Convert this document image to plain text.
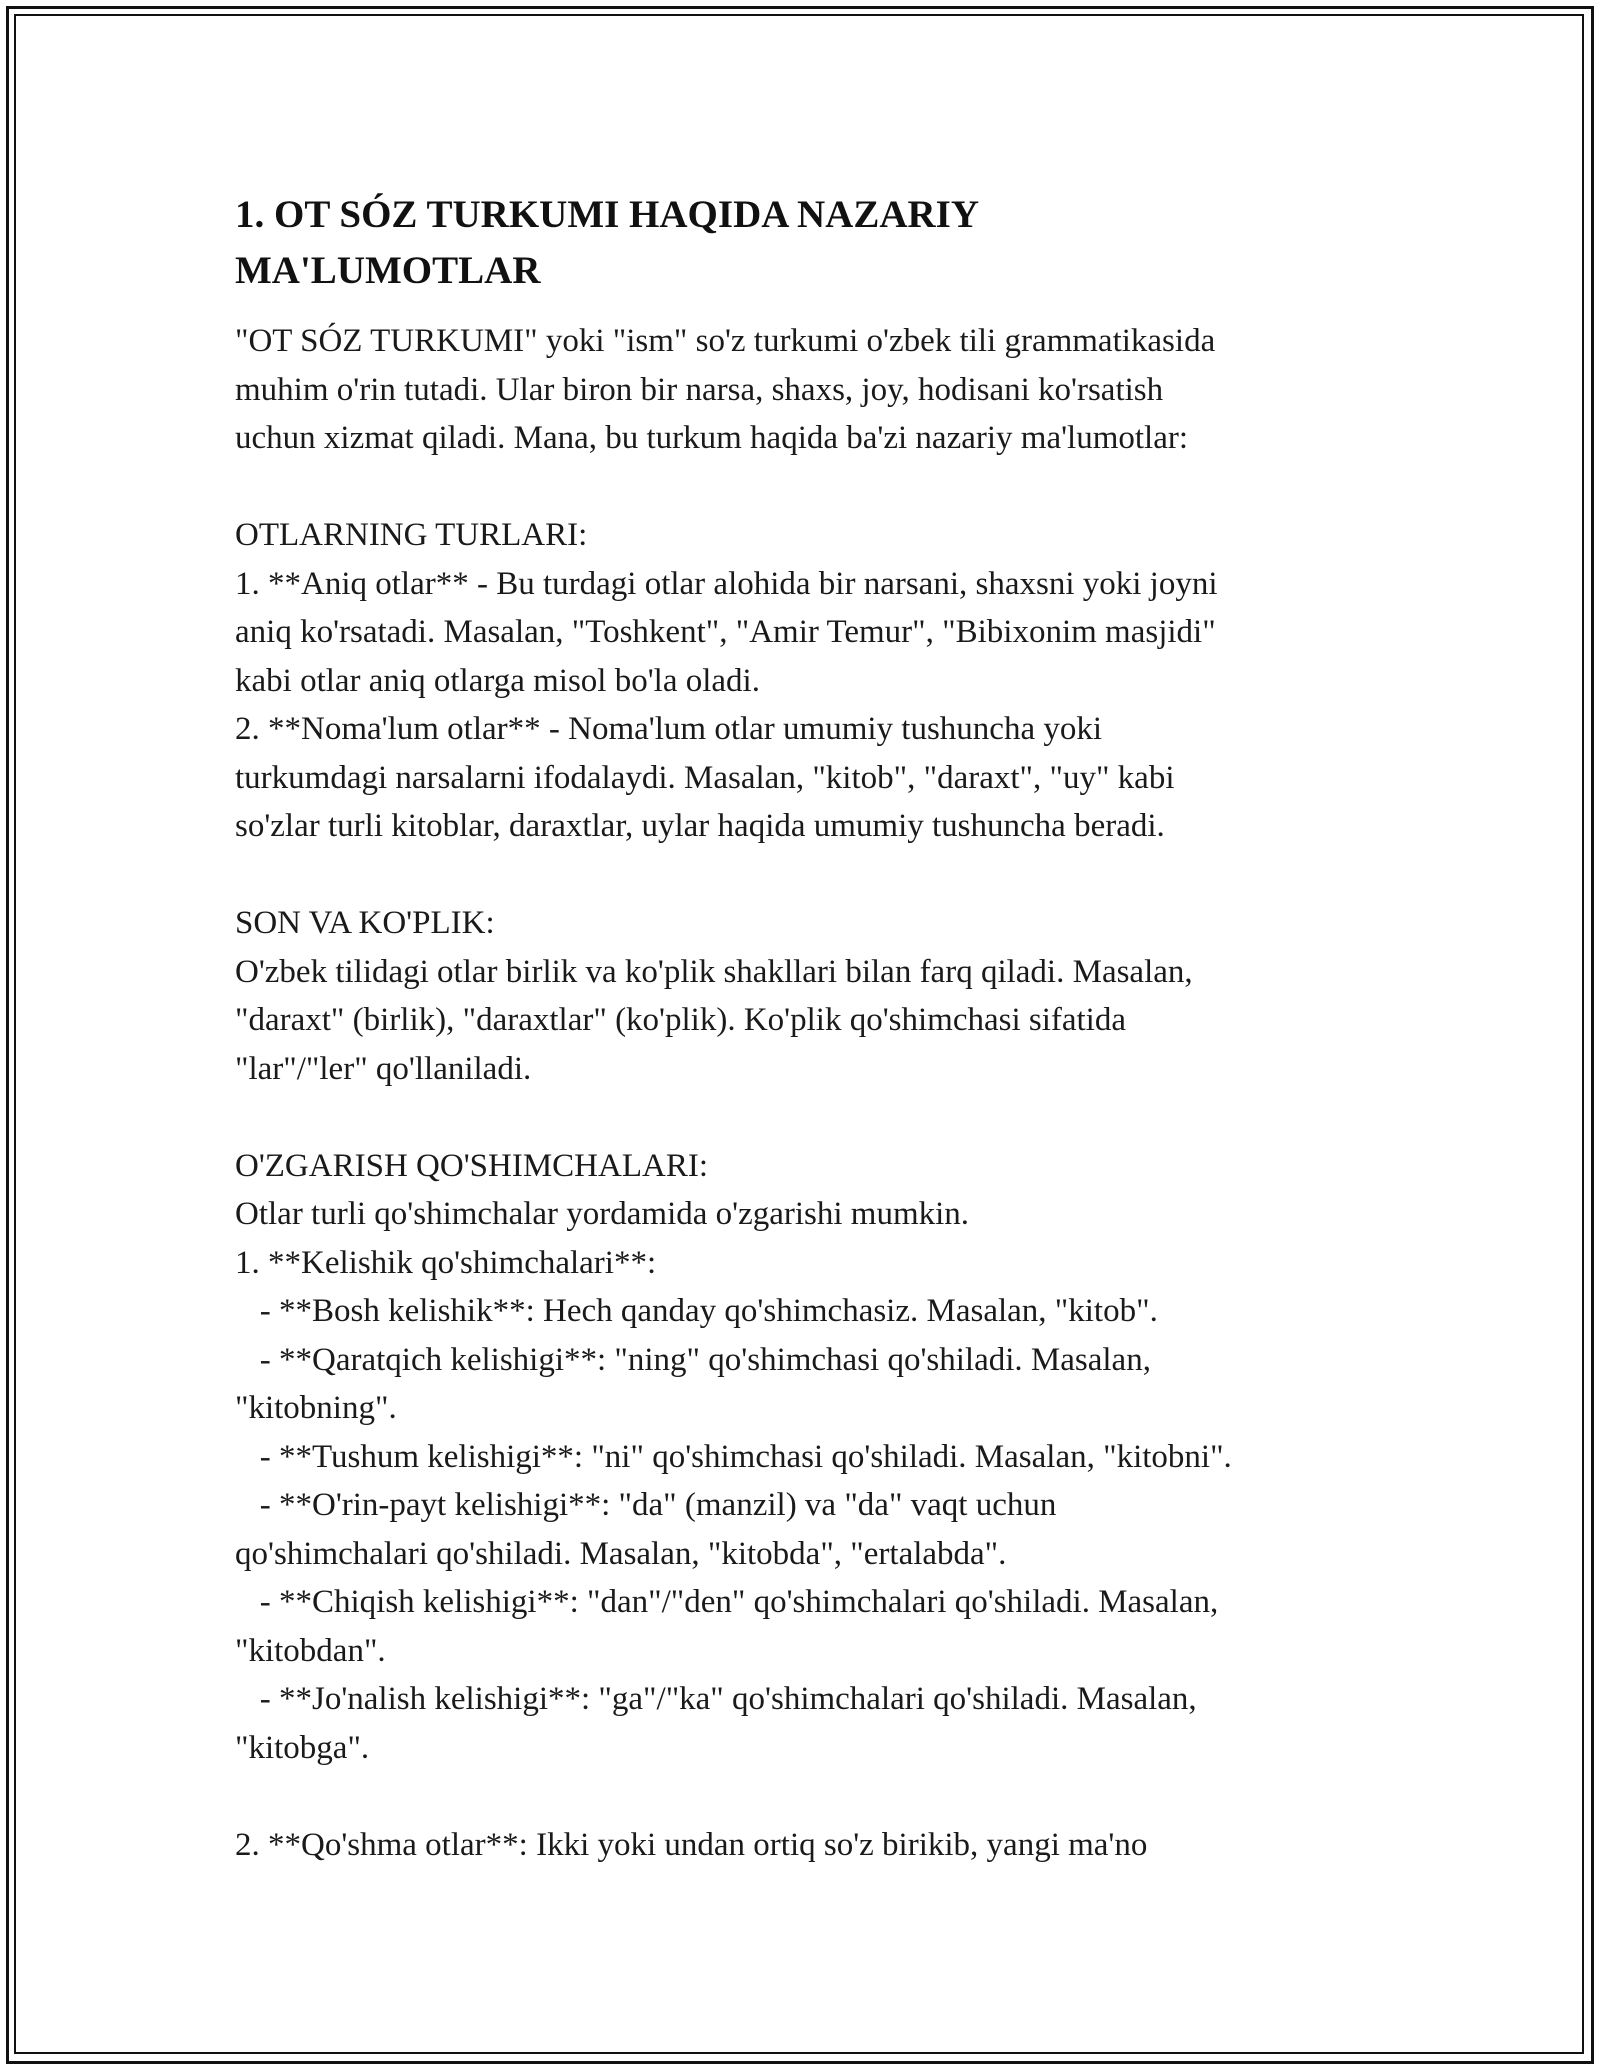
1. OT SÓZ TURKUMI HAQIDA NAZARIY
MA'LUMOTLAR
"OT SÓZ TURKUMI" yoki "ism" so'z turkumi o'zbek tili grammatikasida
muhim o'rin tutadi. Ular biron bir narsa, shaxs, joy, hodisani ko'rsatish
uchun xizmat qiladi. Mana, bu turkum haqida ba'zi nazariy ma'lumotlar:
OTLARNING TURLARI:
1. **Aniq otlar** - Bu turdagi otlar alohida bir narsani, shaxsni yoki joyni
aniq ko'rsatadi. Masalan, "Toshkent", "Amir Temur", "Bibixonim masjidi"
kabi otlar aniq otlarga misol bo'la oladi.
2. **Noma'lum otlar** - Noma'lum otlar umumiy tushuncha yoki
turkumdagi narsalarni ifodalaydi. Masalan, "kitob", "daraxt", "uy" kabi
so'zlar turli kitoblar, daraxtlar, uylar haqida umumiy tushuncha beradi.
SON VA KO'PLIK:
O'zbek tilidagi otlar birlik va ko'plik shakllari bilan farq qiladi. Masalan,
"daraxt" (birlik), "daraxtlar" (ko'plik). Ko'plik qo'shimchasi sifatida
"lar"/"ler" qo'llaniladi.
O'ZGARISH QO'SHIMCHALARI:
Otlar turli qo'shimchalar yordamida o'zgarishi mumkin.
1. **Kelishik qo'shimchalari**:
- **Bosh kelishik**: Hech qanday qo'shimchasiz. Masalan, "kitob".
- **Qaratqich kelishigi**: "ning" qo'shimchasi qo'shiladi. Masalan,
"kitobning".
- **Tushum kelishigi**: "ni" qo'shimchasi qo'shiladi. Masalan, "kitobni".
- **O'rin-payt kelishigi**: "da" (manzil) va "da" vaqt uchun
qo'shimchalari qo'shiladi. Masalan, "kitobda", "ertalabda".
- **Chiqish kelishigi**: "dan"/"den" qo'shimchalari qo'shiladi. Masalan,
"kitobdan".
- **Jo'nalish kelishigi**: "ga"/"ka" qo'shimchalari qo'shiladi. Masalan,
"kitobga".
2. **Qo'shma otlar**: Ikki yoki undan ortiq so'z birikib, yangi ma'no
